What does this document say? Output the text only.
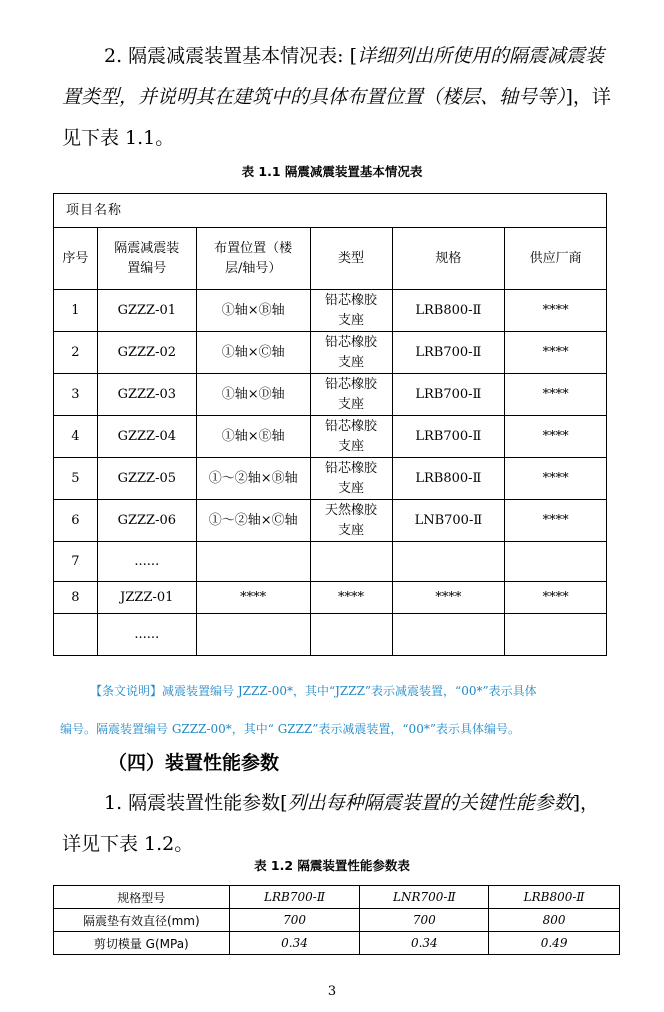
2. 隔震减震装置基本情况表: [详细列出所使用的隔震减震装置类型，并说明其在建筑中的具体布置位置（楼层、轴号等）]，详见下表 1.1。
表 1.1 隔震减震装置基本情况表
项目名称					
序号	隔震减震装置编号	布置位置（楼层/轴号）	类型	规格	供应厂商
1	GZZZ-01	①轴×Ⓑ轴	铅芯橡胶支座	LRB800-Ⅱ	****
2	GZZZ-02	①轴×Ⓒ轴	铅芯橡胶支座	LRB700-Ⅱ	****
3	GZZZ-03	①轴×Ⓓ轴	铅芯橡胶支座	LRB700-Ⅱ	****
4	GZZZ-04	①轴×Ⓔ轴	铅芯橡胶支座	LRB700-Ⅱ	****
5	GZZZ-05	①～②轴×Ⓑ轴	铅芯橡胶支座	LRB800-Ⅱ	****
6	GZZZ-06	①～②轴×Ⓒ轴	天然橡胶支座	LNB700-Ⅱ	****
7	......		

8	JZZZ-01	****	****	****	****
	......		

【条文说明】减震装置编号 JZZZ-00*，其中“JZZZ”表示减震装置，“00*”表示具体
编号。隔震装置编号 GZZZ-00*，其中“ GZZZ”表示减震装置，“00*”表示具体编号。
（四）装置性能参数
1. 隔震装置性能参数[列出每种隔震装置的关键性能参数]，详见下表 1.2。
表 1.2 隔震装置性能参数表
规格型号	LRB700-Ⅱ	LNR700-Ⅱ	LRB800-Ⅱ
隔震垫有效直径(mm)	700	700	800
剪切模量 G(MPa)	0.34	0.34	0.49
3
